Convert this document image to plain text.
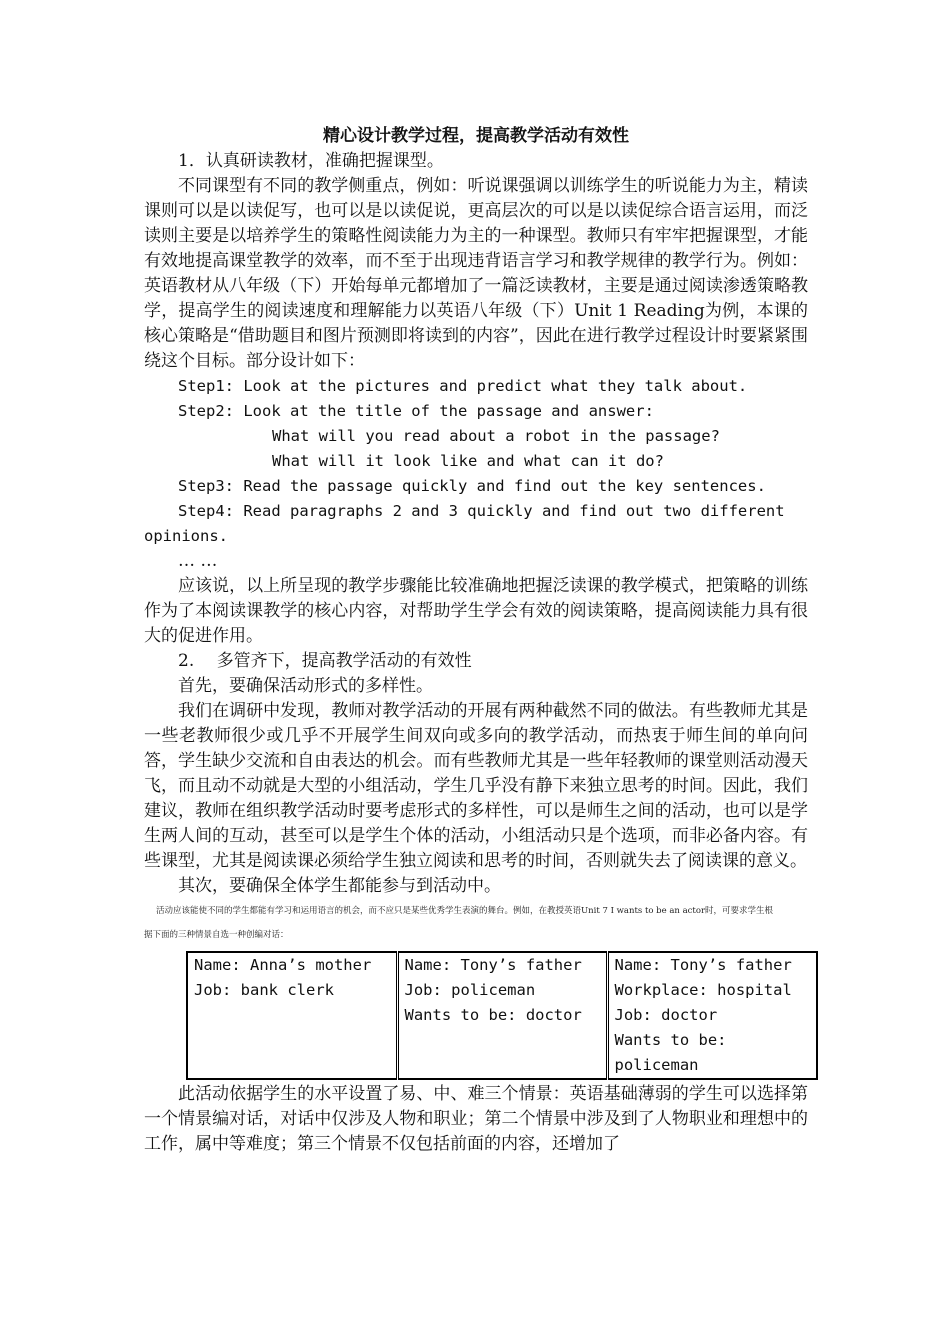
精心设计教学过程，提高教学活动有效性

1．认真研读教材，准确把握课型。

不同课型有不同的教学侧重点，例如：听说课强调以训练学生的听说能力为主，精读课则可以是以读促写，也可以是以读促说，更高层次的可以是以读促综合语言运用，而泛读则主要是以培养学生的策略性阅读能力为主的一种课型。教师只有牢牢把握课型，才能有效地提高课堂教学的效率，而不至于出现违背语言学习和教学规律的教学行为。例如：英语教材从八年级（下）开始每单元都增加了一篇泛读教材，主要是通过阅读渗透策略教学，提高学生的阅读速度和理解能力以英语八年级（下）Unit 1 Reading为例，本课的核心策略是“借助题目和图片预测即将读到的内容”，因此在进行教学过程设计时要紧紧围绕这个目标。部分设计如下：

Step1: Look at the pictures and predict what they talk about.

Step2: Look at the title of the passage and answer:

What will you read about a robot in the passage?

What will it look like and what can it do?

Step3: Read the passage quickly and find out the key sentences.

Step4: Read paragraphs 2 and 3 quickly and find out two different

opinions.

… …

应该说，以上所呈现的教学步骤能比较准确地把握泛读课的教学模式，把策略的训练作为了本阅读课教学的核心内容，对帮助学生学会有效的阅读策略，提高阅读能力具有很大的促进作用。

2.　 多管齐下，提高教学活动的有效性

首先，要确保活动形式的多样性。

我们在调研中发现，教师对教学活动的开展有两种截然不同的做法。有些教师尤其是一些老教师很少或几乎不开展学生间双向或多向的教学活动，而热衷于师生间的单向问答，学生缺少交流和自由表达的机会。而有些教师尤其是一些年轻教师的课堂则活动漫天飞，而且动不动就是大型的小组活动，学生几乎没有静下来独立思考的时间。因此，我们建议，教师在组织教学活动时要考虑形式的多样性，可以是师生之间的活动，也可以是学生两人间的互动，甚至可以是学生个体的活动，小组活动只是个选项，而非必备内容。有些课型，尤其是阅读课必须给学生独立阅读和思考的时间，否则就失去了阅读课的意义。

其次，要确保全体学生都能参与到活动中。

活动应该能使不同的学生都能有学习和运用语言的机会，而不应只是某些优秀学生表演的舞台。例如，在教授英语Unit 7 I wants to be an actor时，可要求学生根

据下面的三种情景自选一种创编对话：

Name: Anna’s mother
Job: bank clerk

Name: Tony’s father
Job: policeman
Wants to be: doctor

Name: Tony’s father
Workplace: hospital
Job: doctor
Wants to be:
policeman

此活动依据学生的水平设置了易、中、难三个情景：英语基础薄弱的学生可以选择第一个情景编对话，对话中仅涉及人物和职业；第二个情景中涉及到了人物职业和理想中的工作，属中等难度；第三个情景不仅包括前面的内容，还增加了
